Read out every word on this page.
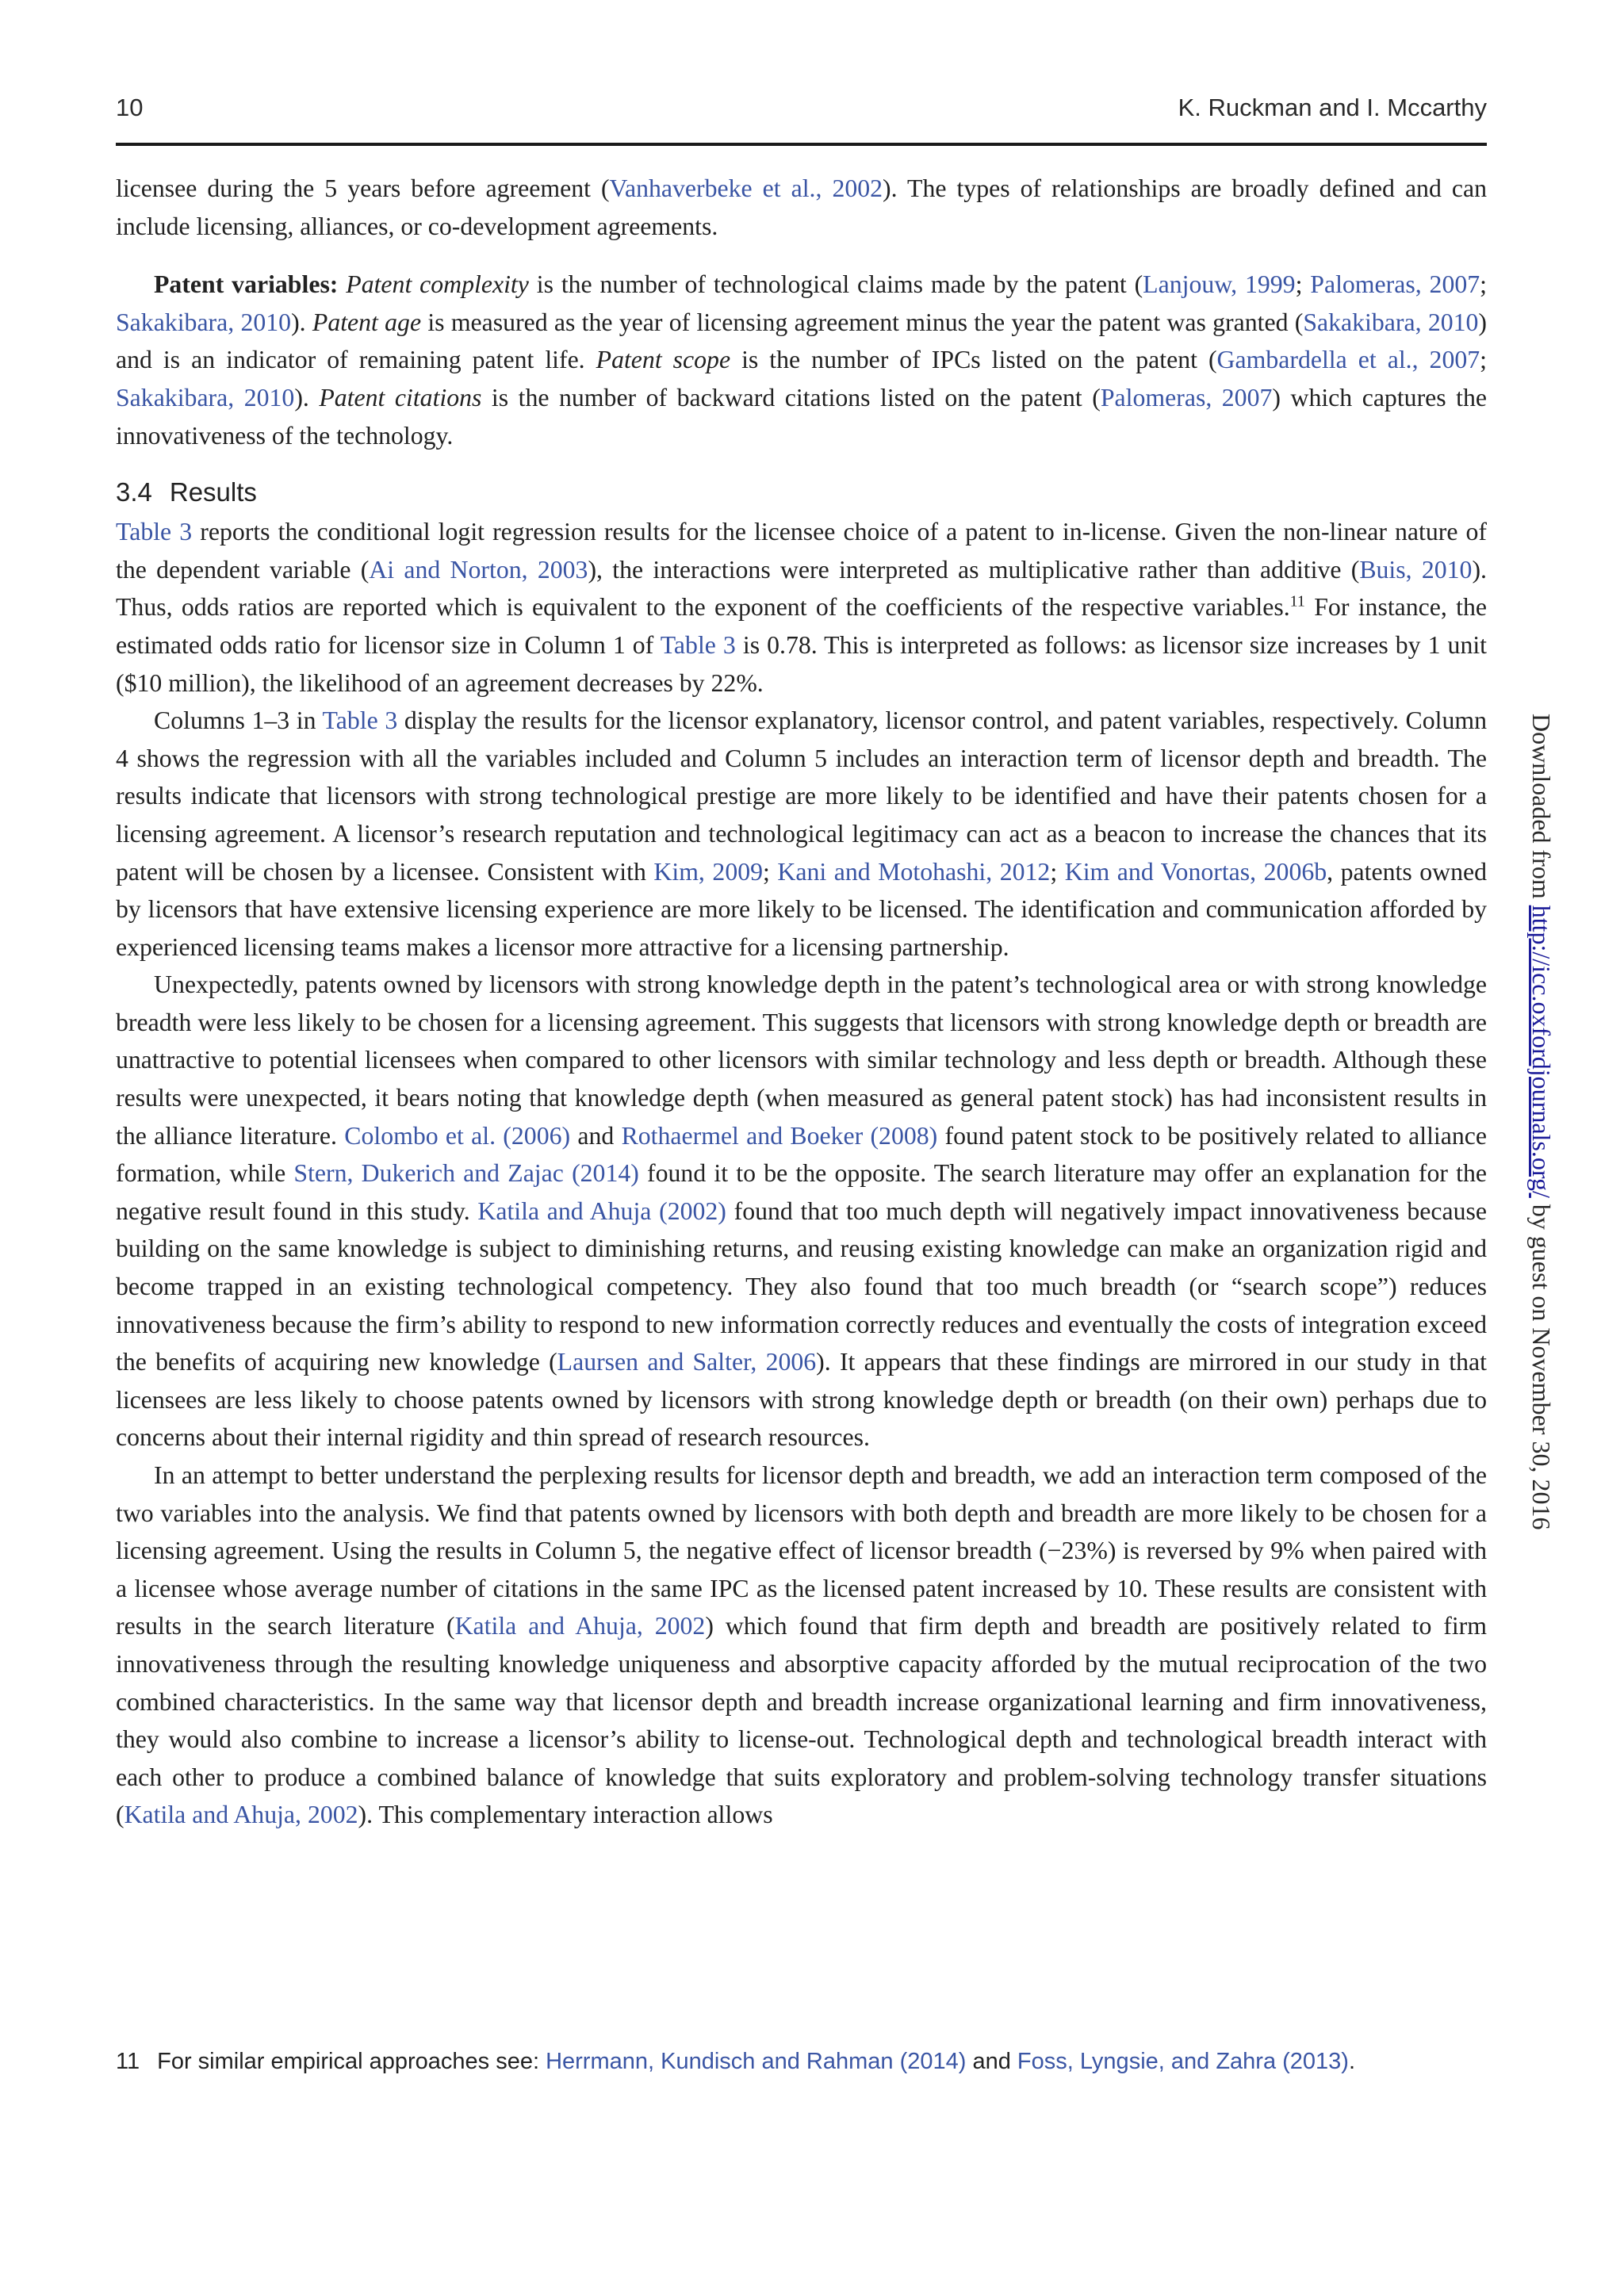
10	K. Ruckman and I. Mccarthy

licensee during the 5 years before agreement (Vanhaverbeke et al., 2002). The types of relationships are broadly defined and can include licensing, alliances, or co-development agreements.

Patent variables: Patent complexity is the number of technological claims made by the patent (Lanjouw, 1999; Palomeras, 2007; Sakakibara, 2010). Patent age is measured as the year of licensing agreement minus the year the patent was granted (Sakakibara, 2010) and is an indicator of remaining patent life. Patent scope is the number of IPCs listed on the patent (Gambardella et al., 2007; Sakakibara, 2010). Patent citations is the number of backward citations listed on the patent (Palomeras, 2007) which captures the innovativeness of the technology.

3.4 Results

Table 3 reports the conditional logit regression results for the licensee choice of a patent to in-license. Given the non-linear nature of the dependent variable (Ai and Norton, 2003), the interactions were interpreted as multiplicative rather than additive (Buis, 2010). Thus, odds ratios are reported which is equivalent to the exponent of the coefficients of the respective variables.$^{11}$ For instance, the estimated odds ratio for licensor size in Column 1 of Table 3 is 0.78. This is interpreted as follows: as licensor size increases by 1 unit ($10 million), the likelihood of an agreement decreases by 22%.

Columns 1–3 in Table 3 display the results for the licensor explanatory, licensor control, and patent variables, respectively. Column 4 shows the regression with all the variables included and Column 5 includes an interaction term of licensor depth and breadth. The results indicate that licensors with strong technological prestige are more likely to be identified and have their patents chosen for a licensing agreement. A licensor’s research reputation and technological legitimacy can act as a beacon to increase the chances that its patent will be chosen by a licensee. Consistent with Kim, 2009; Kani and Motohashi, 2012; Kim and Vonortas, 2006b, patents owned by licensors that have extensive licensing experience are more likely to be licensed. The identification and communication afforded by experienced licensing teams makes a licensor more attractive for a licensing partnership.

Unexpectedly, patents owned by licensors with strong knowledge depth in the patent’s technological area or with strong knowledge breadth were less likely to be chosen for a licensing agreement. This suggests that licensors with strong knowledge depth or breadth are unattractive to potential licensees when compared to other licensors with similar technology and less depth or breadth. Although these results were unexpected, it bears noting that knowledge depth (when measured as general patent stock) has had inconsistent results in the alliance literature. Colombo et al. (2006) and Rothaermel and Boeker (2008) found patent stock to be positively related to alliance formation, while Stern, Dukerich and Zajac (2014) found it to be the opposite. The search literature may offer an explanation for the negative result found in this study. Katila and Ahuja (2002) found that too much depth will negatively impact innovativeness because building on the same knowledge is subject to diminishing returns, and reusing existing knowledge can make an organization rigid and become trapped in an existing technological competency. They also found that too much breadth (or “search scope”) reduces innovativeness because the firm’s ability to respond to new information correctly reduces and eventually the costs of integration exceed the benefits of acquiring new knowledge (Laursen and Salter, 2006). It appears that these findings are mirrored in our study in that licensees are less likely to choose patents owned by licensors with strong knowledge depth or breadth (on their own) perhaps due to concerns about their internal rigidity and thin spread of research resources.

In an attempt to better understand the perplexing results for licensor depth and breadth, we add an interaction term composed of the two variables into the analysis. We find that patents owned by licensors with both depth and breadth are more likely to be chosen for a licensing agreement. Using the results in Column 5, the negative effect of licensor breadth (−23%) is reversed by 9% when paired with a licensee whose average number of citations in the same IPC as the licensed patent increased by 10. These results are consistent with results in the search literature (Katila and Ahuja, 2002) which found that firm depth and breadth are positively related to firm innovativeness through the resulting knowledge uniqueness and absorptive capacity afforded by the mutual reciprocation of the two combined characteristics. In the same way that licensor depth and breadth increase organizational learning and firm innovativeness, they would also combine to increase a licensor’s ability to license-out. Technological depth and technological breadth interact with each other to produce a combined balance of knowledge that suits exploratory and problem-solving technology transfer situations (Katila and Ahuja, 2002). This complementary interaction allows

11 For similar empirical approaches see: Herrmann, Kundisch and Rahman (2014) and Foss, Lyngsie, and Zahra (2013).
Downloaded from http://icc.oxfordjournals.org/ by guest on November 30, 2016
